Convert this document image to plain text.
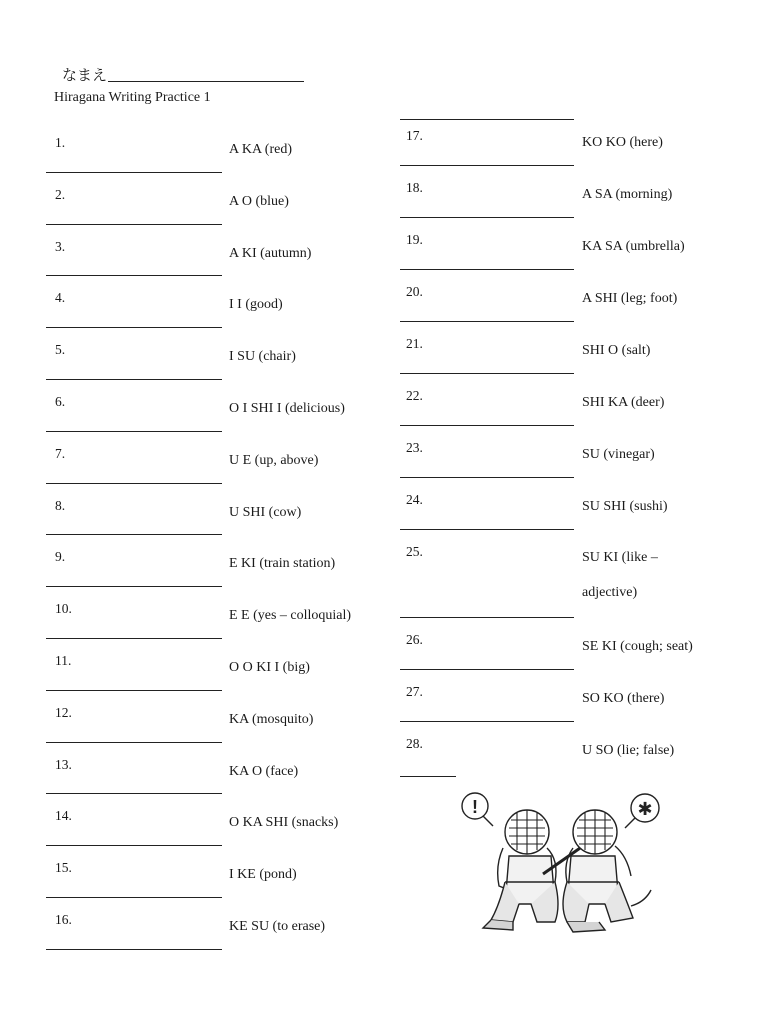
なまえ
Hiragana Writing Practice 1
1.	A KA (red)
2.	A O (blue)
3.	A KI (autumn)
4.	I I (good)
5.	I SU (chair)
6.	O I SHI I (delicious)
7.	U E (up, above)
8.	U SHI (cow)
9.	E KI (train station)
10.	E E (yes – colloquial)
11.	O O KI I (big)
12.	KA (mosquito)
13.	KA O (face)
14.	O KA SHI (snacks)
15.	I KE (pond)
16.	KE SU (to erase)
17.	KO KO (here)
18.	A SA (morning)
19.	KA SA (umbrella)
20.	A SHI (leg; foot)
21.	SHI O (salt)
22.	SHI KA (deer)
23.	SU (vinegar)
24.	SU SHI (sushi)
25.	SU KI (like – adjective)
26.	SE KI (cough; seat)
27.	SO KO (there)
28.	U SO (lie; false)
!	✱
